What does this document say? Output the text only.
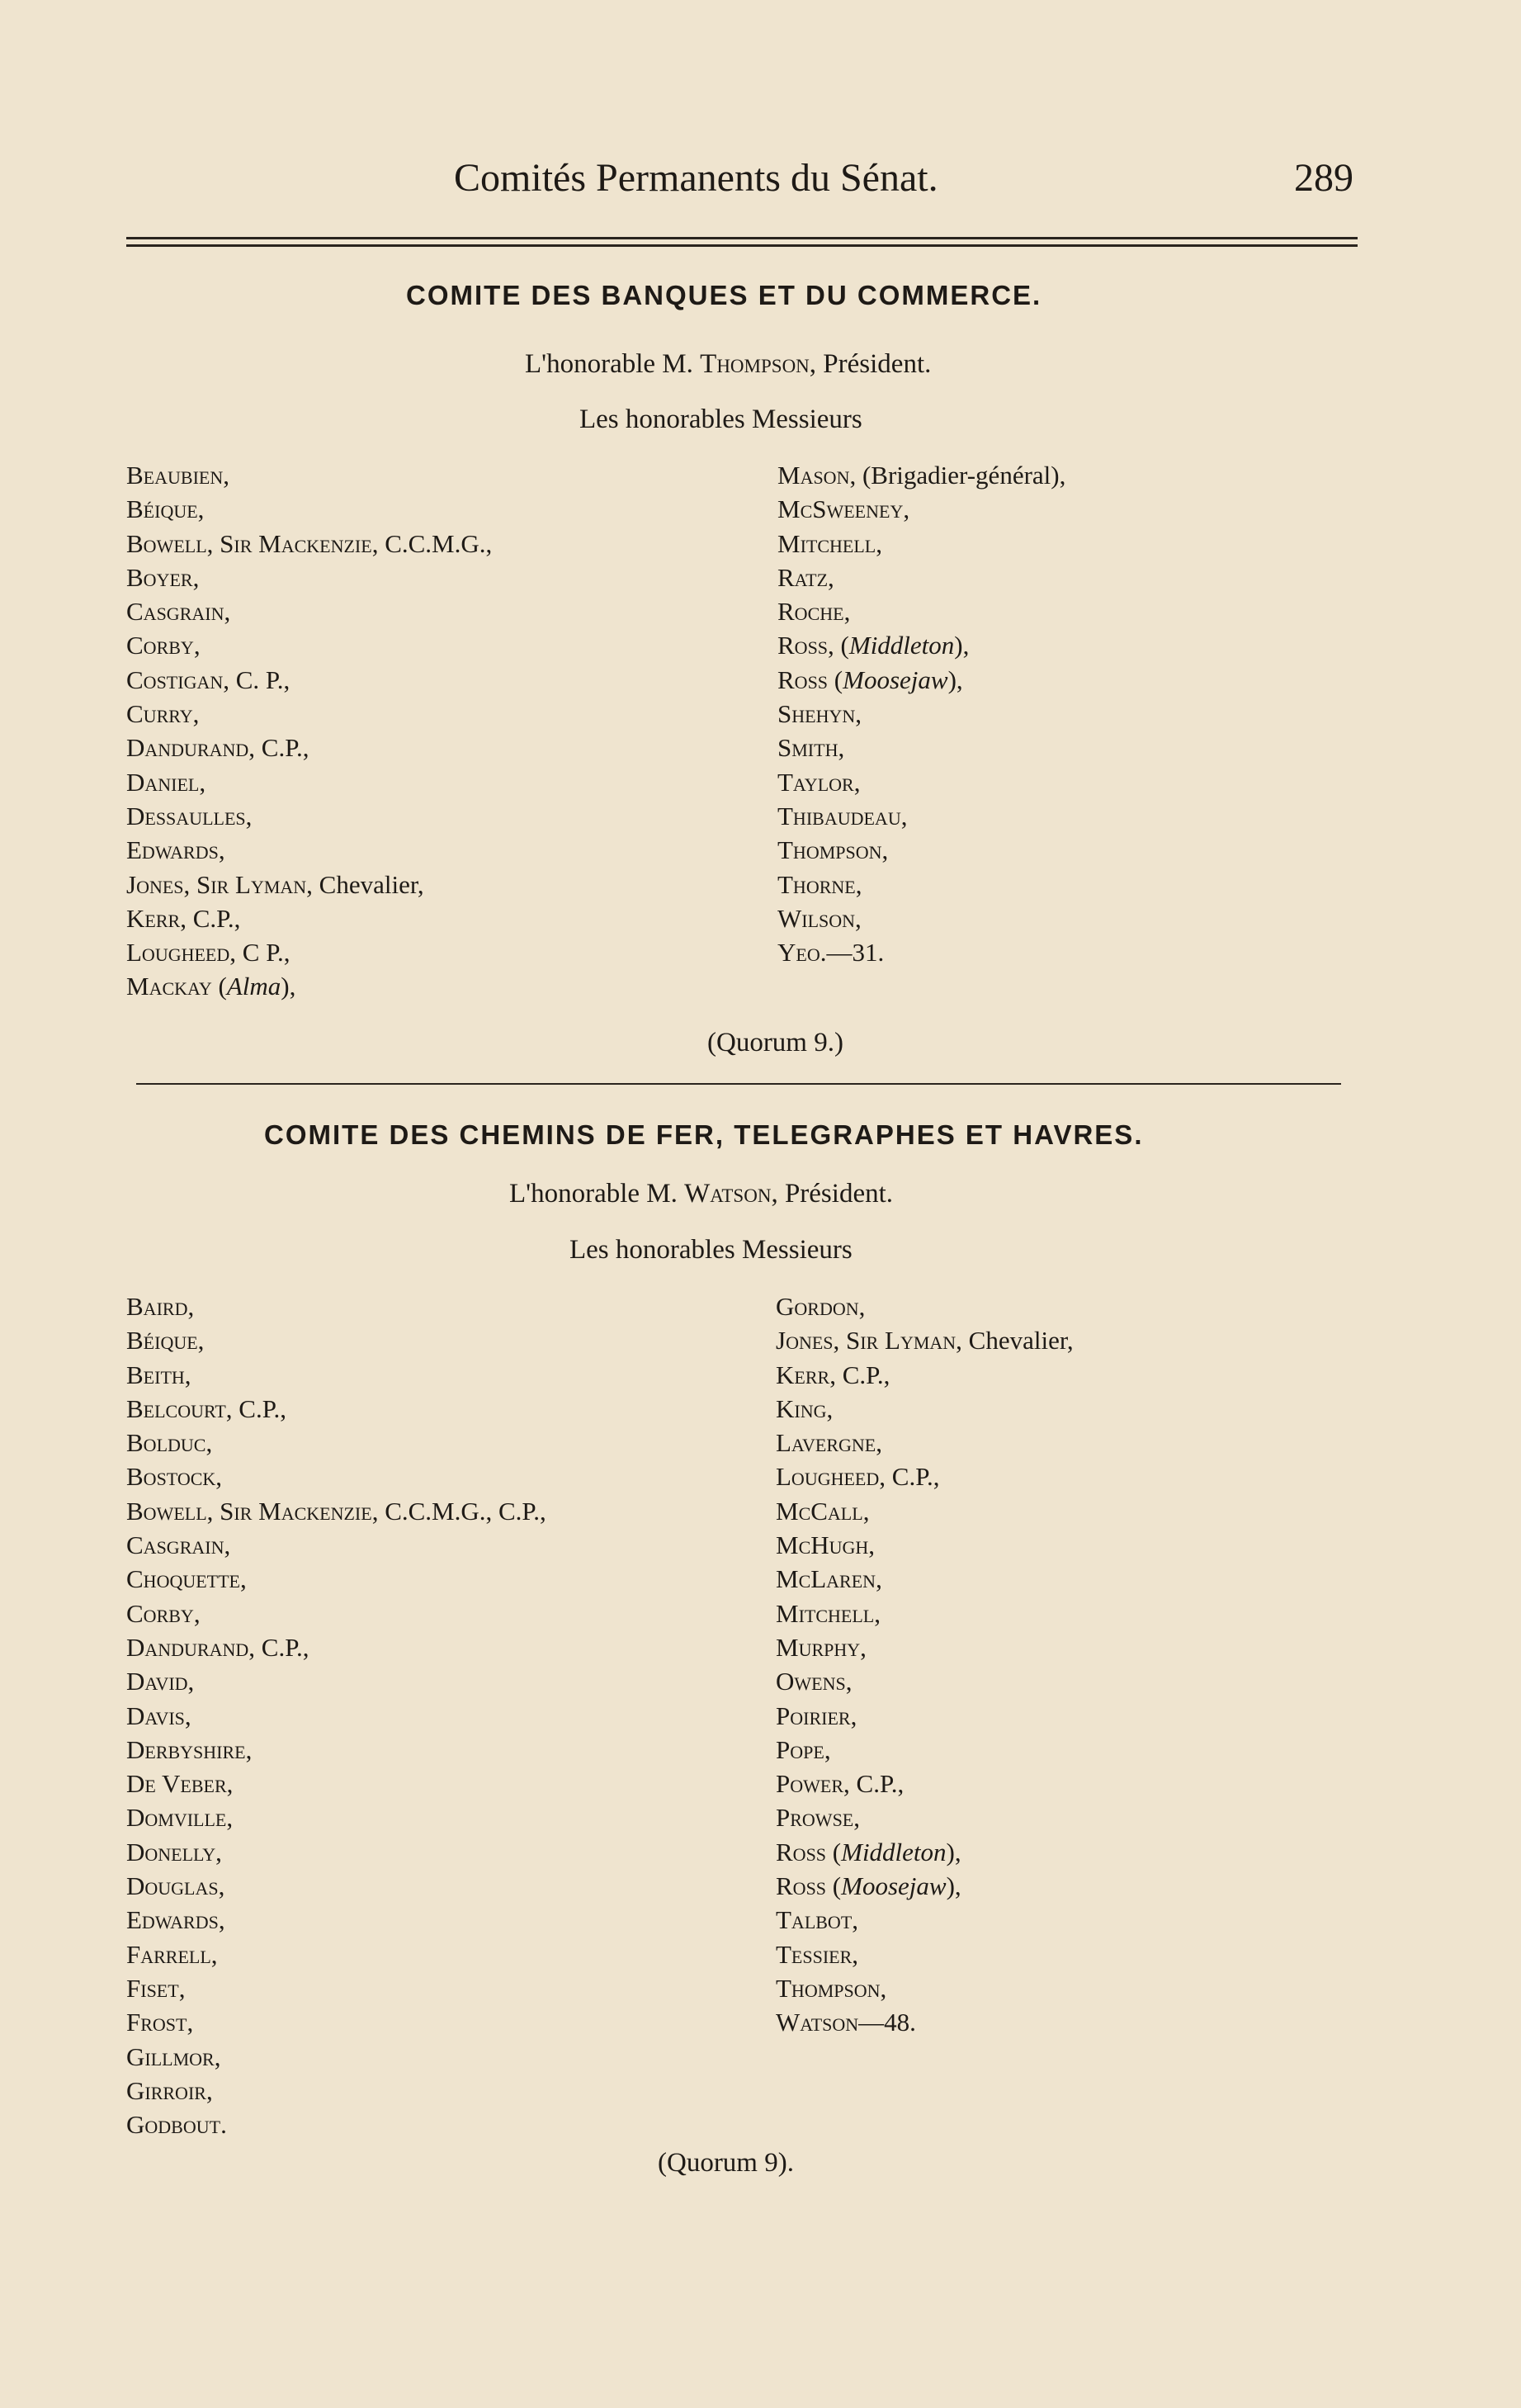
Comités Permanents du Sénat.	289
COMITE DES BANQUES ET DU COMMERCE.
L'honorable M. Thompson, Président.
Les honorables Messieurs
Beaubien,
Béique,
Bowell, Sir Mackenzie, C.C.M.G.,
Boyer,
Casgrain,
Corby,
Costigan, C. P.,
Curry,
Dandurand, C.P.,
Daniel,
Dessaulles,
Edwards,
Jones, Sir Lyman, Chevalier,
Kerr, C.P.,
Lougheed, C P.,
Mackay (Alma),
Mason, (Brigadier-général),
McSweeney,
Mitchell,
Ratz,
Roche,
Ross, (Middleton),
Ross (Moosejaw),
Shehyn,
Smith,
Taylor,
Thibaudeau,
Thompson,
Thorne,
Wilson,
Yeo.—31.
(Quorum 9.)
COMITE DES CHEMINS DE FER, TELEGRAPHES ET HAVRES.
L'honorable M. Watson, Président.
Les honorables Messieurs
Baird,
Béique,
Beith,
Belcourt, C.P.,
Bolduc,
Bostock,
Bowell, Sir Mackenzie, C.C.M.G., C.P.,
Casgrain,
Choquette,
Corby,
Dandurand, C.P.,
David,
Davis,
Derbyshire,
De Veber,
Domville,
Donelly,
Douglas,
Edwards,
Farrell,
Fiset,
Frost,
Gillmor,
Girroir,
Godbout.
Gordon,
Jones, Sir Lyman, Chevalier,
Kerr, C.P.,
King,
Lavergne,
Lougheed, C.P.,
McCall,
McHugh,
McLaren,
Mitchell,
Murphy,
Owens,
Poirier,
Pope,
Power, C.P.,
Prowse,
Ross (Middleton),
Ross (Moosejaw),
Talbot,
Tessier,
Thompson,
Watson—48.
(Quorum 9).
